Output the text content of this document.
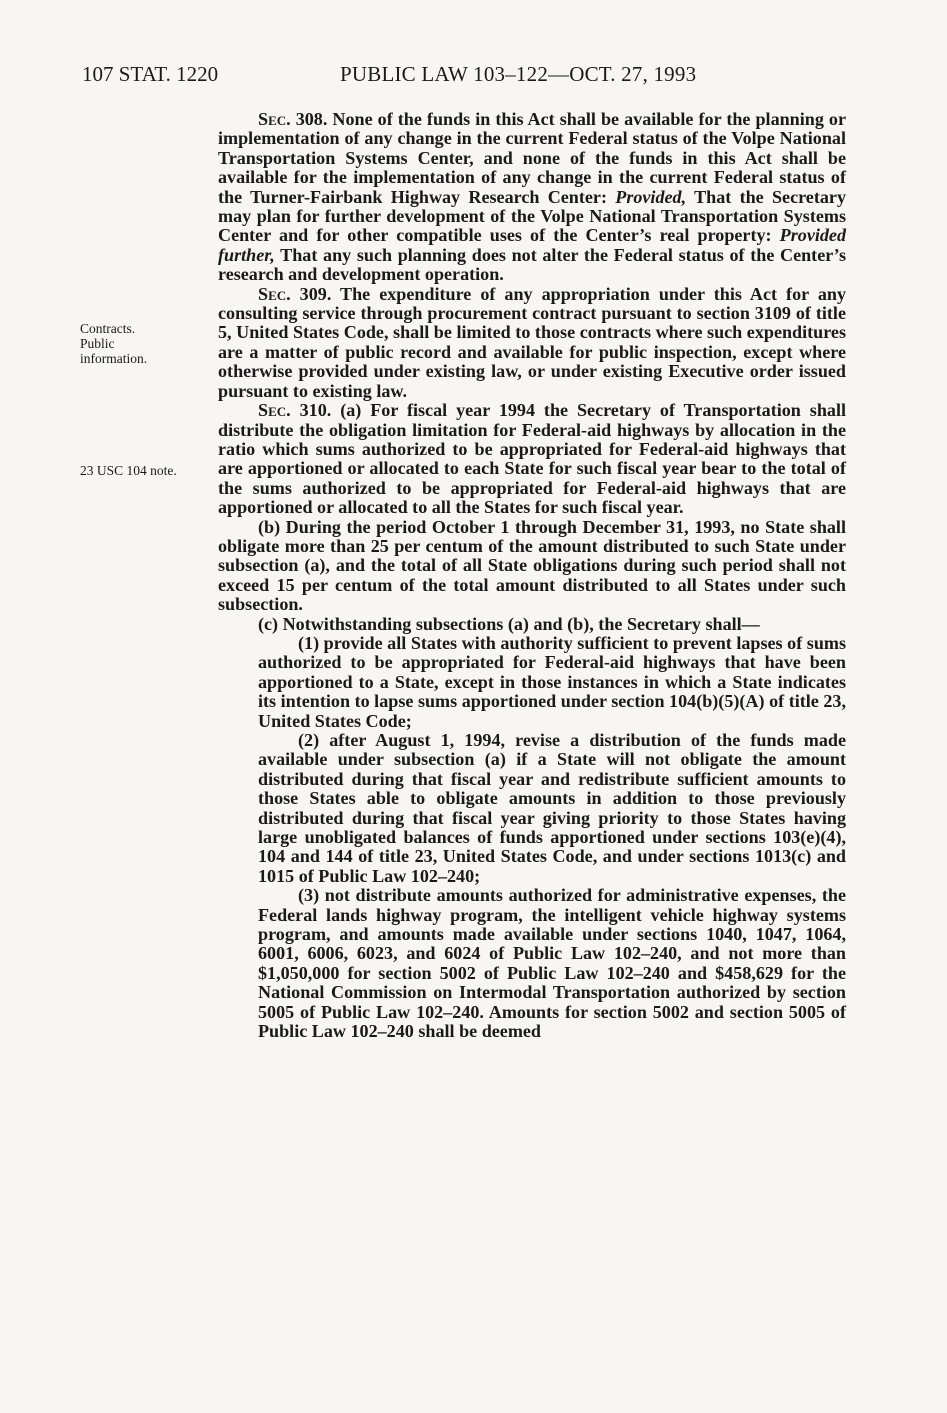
107 STAT. 1220	PUBLIC LAW 103–122—OCT. 27, 1993
Contracts.
Public
information.
23 USC 104 note.

Sec. 308. None of the funds in this Act shall be available for the planning or implementation of any change in the current Federal status of the Volpe National Transportation Systems Center, and none of the funds in this Act shall be available for the implementation of any change in the current Federal status of the Turner-Fairbank Highway Research Center: Provided, That the Secretary may plan for further development of the Volpe National Transportation Systems Center and for other compatible uses of the Center’s real property: Provided further, That any such planning does not alter the Federal status of the Center’s research and development operation.

Sec. 309. The expenditure of any appropriation under this Act for any consulting service through procurement contract pursuant to section 3109 of title 5, United States Code, shall be limited to those contracts where such expenditures are a matter of public record and available for public inspection, except where otherwise provided under existing law, or under existing Executive order issued pursuant to existing law.

Sec. 310. (a) For fiscal year 1994 the Secretary of Transportation shall distribute the obligation limitation for Federal-aid highways by allocation in the ratio which sums authorized to be appropriated for Federal-aid highways that are apportioned or allocated to each State for such fiscal year bear to the total of the sums authorized to be appropriated for Federal-aid highways that are apportioned or allocated to all the States for such fiscal year.

(b) During the period October 1 through December 31, 1993, no State shall obligate more than 25 per centum of the amount distributed to such State under subsection (a), and the total of all State obligations during such period shall not exceed 15 per centum of the total amount distributed to all States under such subsection.

(c) Notwithstanding subsections (a) and (b), the Secretary shall—

(1) provide all States with authority sufficient to prevent lapses of sums authorized to be appropriated for Federal-aid highways that have been apportioned to a State, except in those instances in which a State indicates its intention to lapse sums apportioned under section 104(b)(5)(A) of title 23, United States Code;

(2) after August 1, 1994, revise a distribution of the funds made available under subsection (a) if a State will not obligate the amount distributed during that fiscal year and redistribute sufficient amounts to those States able to obligate amounts in addition to those previously distributed during that fiscal year giving priority to those States having large unobligated balances of funds apportioned under sections 103(e)(4), 104 and 144 of title 23, United States Code, and under sections 1013(c) and 1015 of Public Law 102–240;

(3) not distribute amounts authorized for administrative expenses, the Federal lands highway program, the intelligent vehicle highway systems program, and amounts made available under sections 1040, 1047, 1064, 6001, 6006, 6023, and 6024 of Public Law 102–240, and not more than $1,050,000 for section 5002 of Public Law 102–240 and $458,629 for the National Commission on Intermodal Transportation authorized by section 5005 of Public Law 102–240. Amounts for section 5002 and section 5005 of Public Law 102–240 shall be deemed
